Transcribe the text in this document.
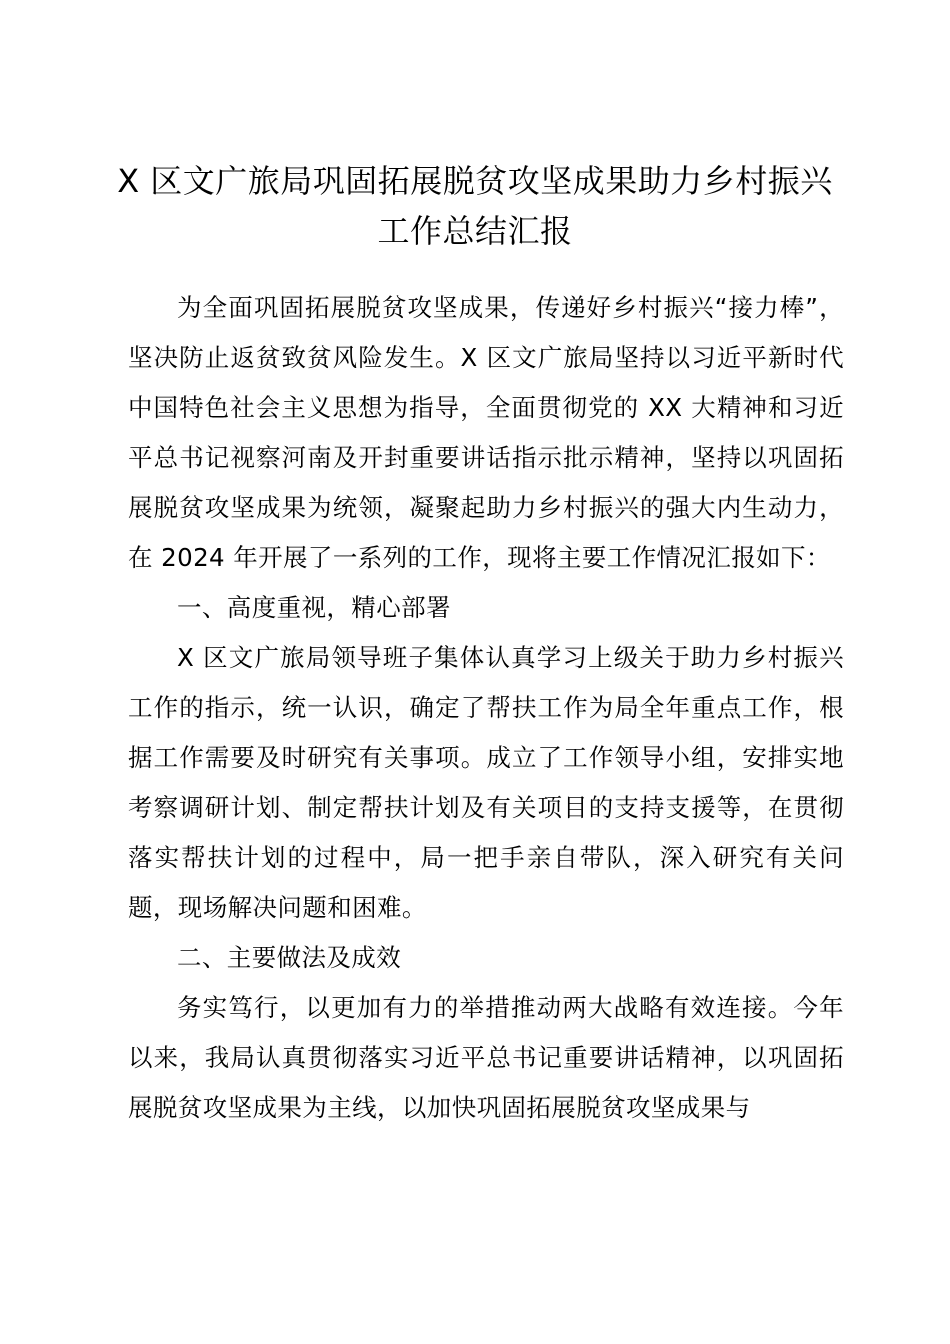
X 区文广旅局巩固拓展脱贫攻坚成果助力乡村振兴工作总结汇报

为全面巩固拓展脱贫攻坚成果，传递好乡村振兴“接力棒”，坚决防止返贫致贫风险发生。X 区文广旅局坚持以习近平新时代中国特色社会主义思想为指导，全面贯彻党的 XX 大精神和习近平总书记视察河南及开封重要讲话指示批示精神，坚持以巩固拓展脱贫攻坚成果为统领，凝聚起助力乡村振兴的强大内生动力，在 2024 年开展了一系列的工作，现将主要工作情况汇报如下：

一、高度重视，精心部署

X 区文广旅局领导班子集体认真学习上级关于助力乡村振兴工作的指示，统一认识，确定了帮扶工作为局全年重点工作，根据工作需要及时研究有关事项。成立了工作领导小组，安排实地考察调研计划、制定帮扶计划及有关项目的支持支援等，在贯彻落实帮扶计划的过程中，局一把手亲自带队，深入研究有关问题，现场解决问题和困难。

二、主要做法及成效

务实笃行，以更加有力的举措推动两大战略有效连接。今年以来，我局认真贯彻落实习近平总书记重要讲话精神，以巩固拓展脱贫攻坚成果为主线，以加快巩固拓展脱贫攻坚成果与
